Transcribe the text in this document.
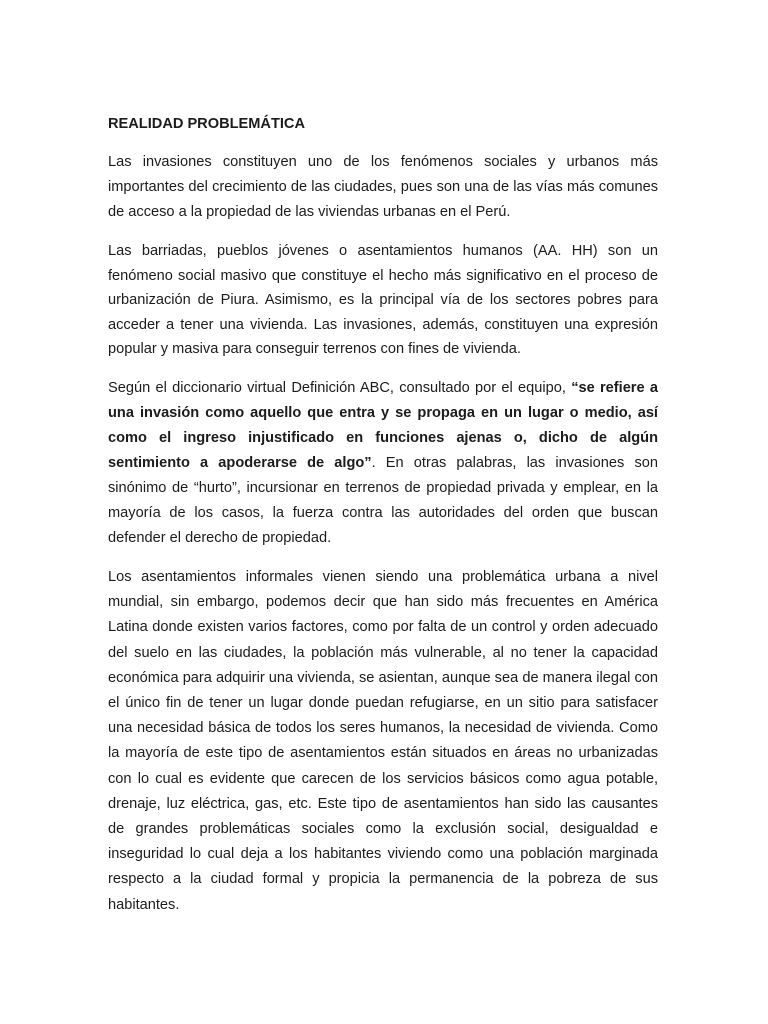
REALIDAD PROBLEMÁTICA

Las invasiones constituyen uno de los fenómenos sociales y urbanos más importantes del crecimiento de las ciudades, pues son una de las vías más comunes de acceso a la propiedad de las viviendas urbanas en el Perú.

Las barriadas, pueblos jóvenes o asentamientos humanos (AA. HH) son un fenómeno social masivo que constituye el hecho más significativo en el proceso de urbanización de Piura. Asimismo, es la principal vía de los sectores pobres para acceder a tener una vivienda. Las invasiones, además, constituyen una expresión popular y masiva para conseguir terrenos con fines de vivienda.

Según el diccionario virtual Definición ABC, consultado por el equipo, “se refiere a una invasión como aquello que entra y se propaga en un lugar o medio, así como el ingreso injustificado en funciones ajenas o, dicho de algún sentimiento a apoderarse de algo”. En otras palabras, las invasiones son sinónimo de “hurto”, incursionar en terrenos de propiedad privada y emplear, en la mayoría de los casos, la fuerza contra las autoridades del orden que buscan defender el derecho de propiedad.

Los asentamientos informales vienen siendo una problemática urbana a nivel mundial, sin embargo, podemos decir que han sido más frecuentes en América Latina donde existen varios factores, como por falta de un control y orden adecuado del suelo en las ciudades, la población más vulnerable, al no tener la capacidad económica para adquirir una vivienda, se asientan, aunque sea de manera ilegal con el único fin de tener un lugar donde puedan refugiarse, en un sitio para satisfacer una necesidad básica de todos los seres humanos, la necesidad de vivienda. Como la mayoría de este tipo de asentamientos están situados en áreas no urbanizadas con lo cual es evidente que carecen de los servicios básicos como agua potable, drenaje, luz eléctrica, gas, etc. Este tipo de asentamientos han sido las causantes de grandes problemáticas sociales como la exclusión social, desigualdad e inseguridad lo cual deja a los habitantes viviendo como una población marginada respecto a la ciudad formal y propicia la permanencia de la pobreza de sus habitantes.
